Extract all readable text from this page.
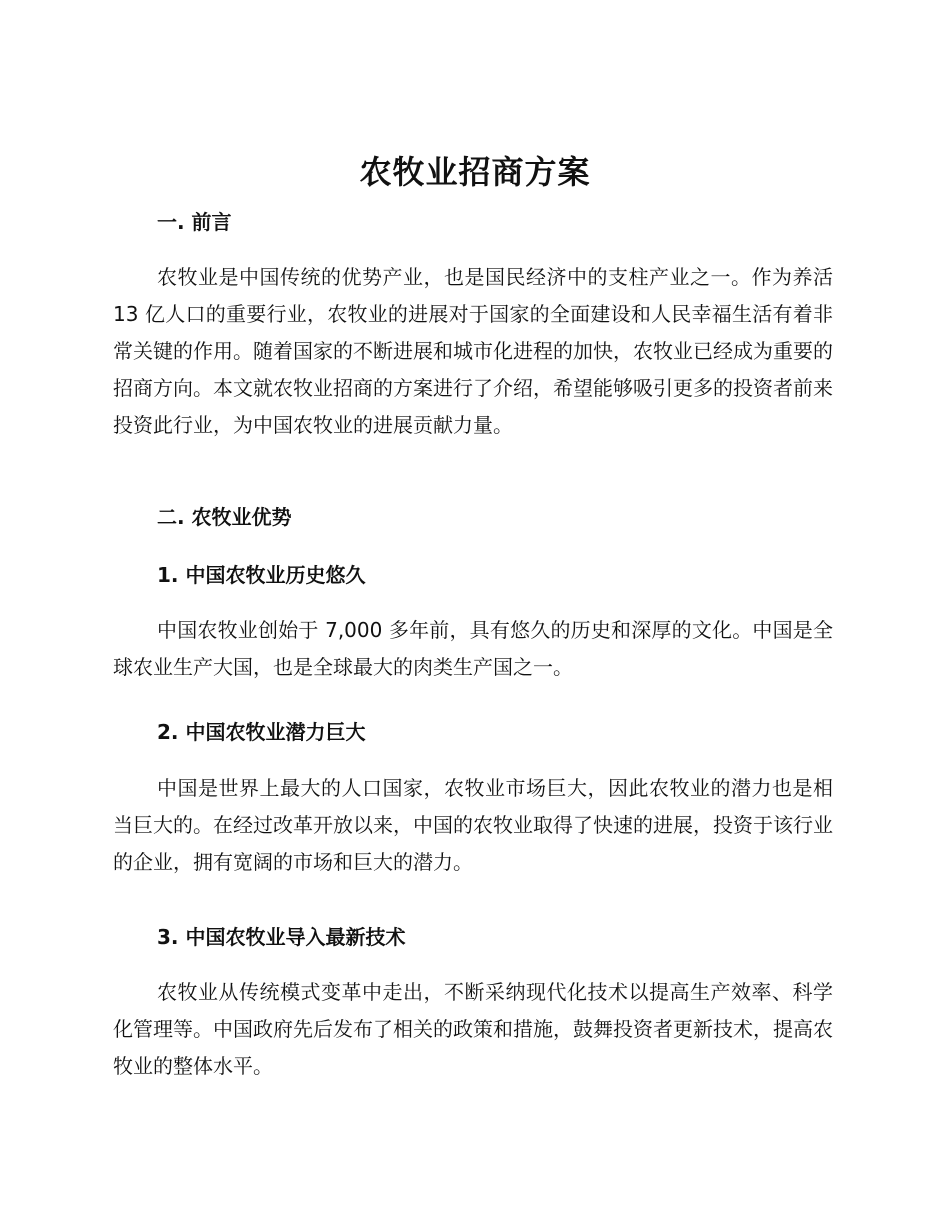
农牧业招商方案
一. 前言
农牧业是中国传统的优势产业，也是国民经济中的支柱产业之一。作为养活 13 亿人口的重要行业，农牧业的进展对于国家的全面建设和人民幸福生活有着非常关键的作用。随着国家的不断进展和城市化进程的加快，农牧业已经成为重要的招商方向。本文就农牧业招商的方案进行了介绍，希望能够吸引更多的投资者前来投资此行业，为中国农牧业的进展贡献力量。
二. 农牧业优势
1. 中国农牧业历史悠久
中国农牧业创始于 7,000 多年前，具有悠久的历史和深厚的文化。中国是全球农业生产大国，也是全球最大的肉类生产国之一。
2. 中国农牧业潜力巨大
中国是世界上最大的人口国家，农牧业市场巨大，因此农牧业的潜力也是相当巨大的。在经过改革开放以来，中国的农牧业取得了快速的进展，投资于该行业的企业，拥有宽阔的市场和巨大的潜力。
3. 中国农牧业导入最新技术
农牧业从传统模式变革中走出，不断采纳现代化技术以提高生产效率、科学化管理等。中国政府先后发布了相关的政策和措施，鼓舞投资者更新技术，提高农牧业的整体水平。
